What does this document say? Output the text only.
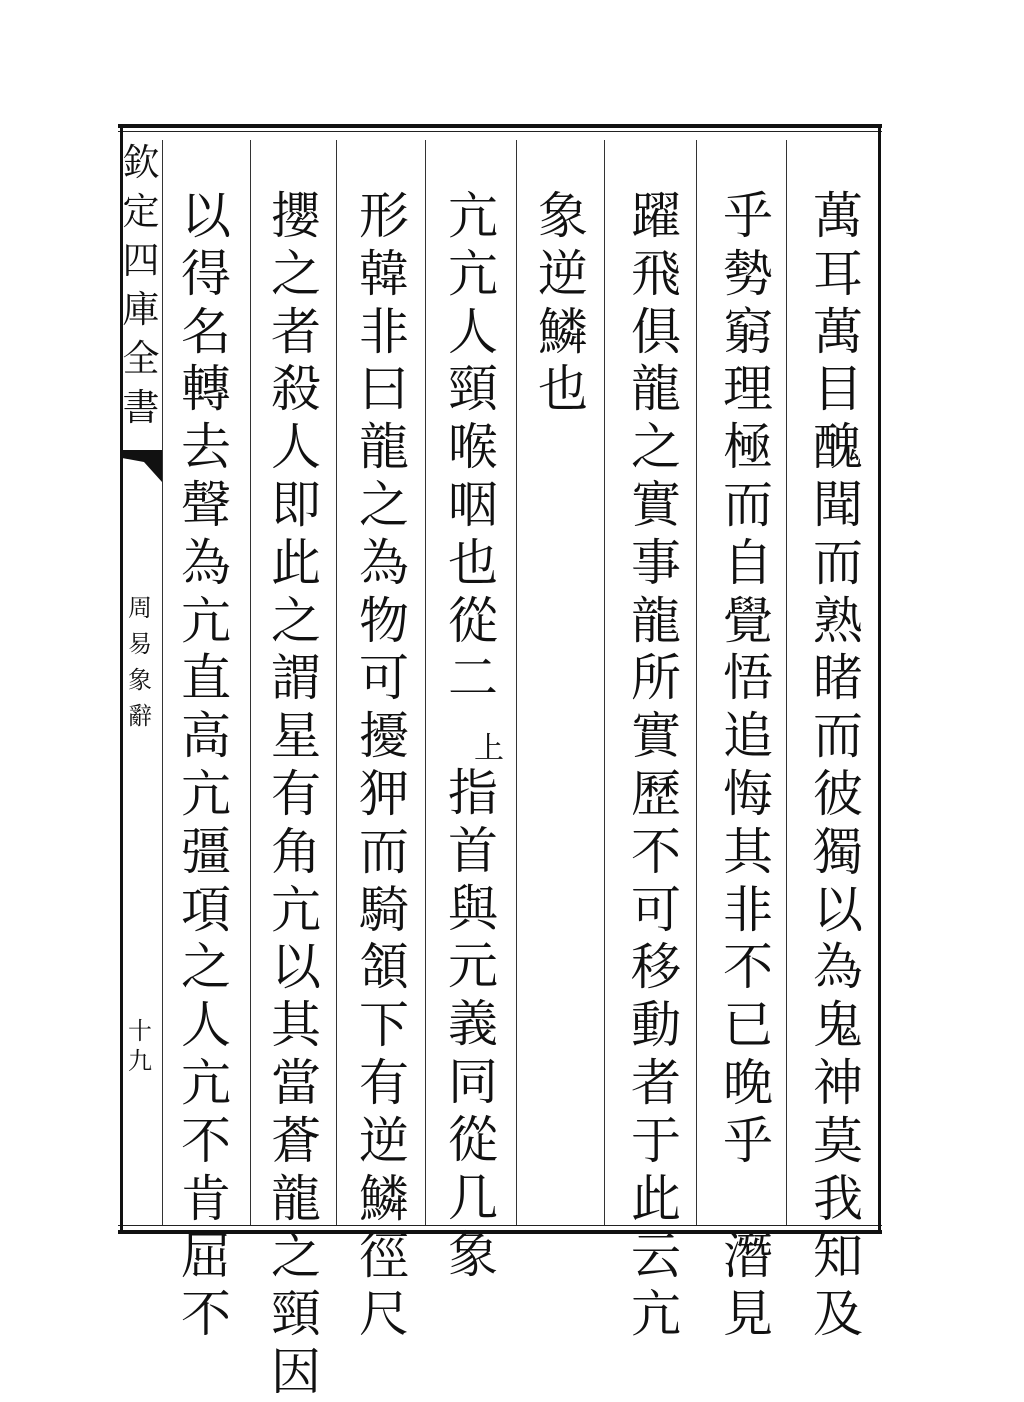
欽
定
四
庫
全
書
周
易
象
辭
十
九
萬
耳
萬
目
醜
聞
而
熟
睹
而
彼
獨
以
為
鬼
神
莫
我
知
及
乎
勢
窮
理
極
而
自
覺
悟
追
悔
其
非
不
已
晚
乎

潛
見
躍
飛
俱
龍
之
實
事
龍
所
實
歷
不
可
移
動
者
于
此
云
亢
象
逆
鱗
也
亢
亢
人
頸
喉
咽
也
從
二
指
首
與
元
義
同
從
几
象
形
韓
非
曰
龍
之
為
物
可
擾
狎
而
騎
頷
下
有
逆
鱗
徑
尺
攖
之
者
殺
人
即
此
之
謂
星
有
角
亢
以
其
當
蒼
龍
之
頸
因
以
得
名
轉
去
聲
為
亢
直
高
亢
彊
項
之
人
亢
不
肯
屈
不
上
